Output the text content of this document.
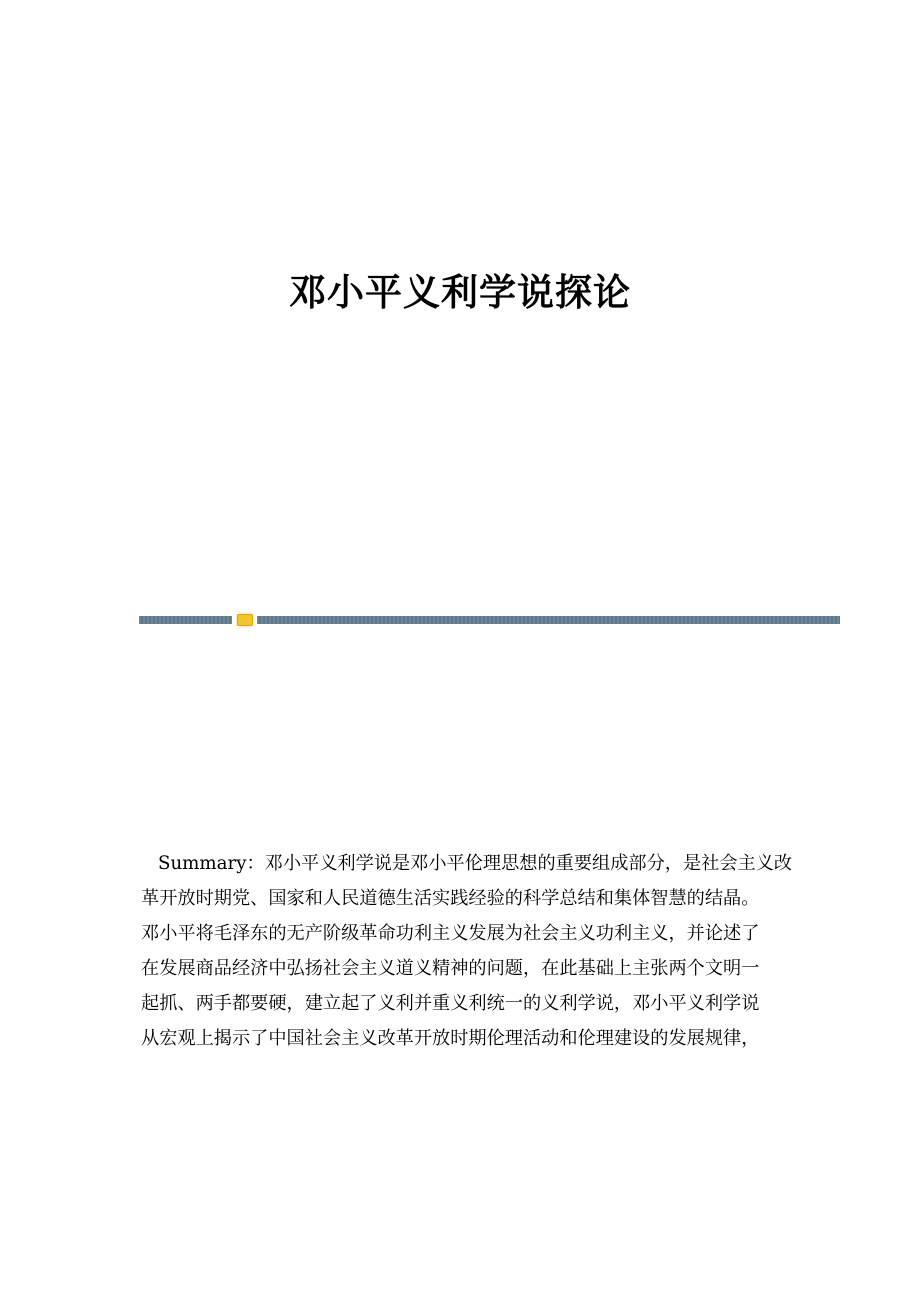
邓小平义利学说探论
Summary：邓小平义利学说是邓小平伦理思想的重要组成部分，是社会主义改
革开放时期党、国家和人民道德生活实践经验的科学总结和集体智慧的结晶。
邓小平将毛泽东的无产阶级革命功利主义发展为社会主义功利主义，并论述了
在发展商品经济中弘扬社会主义道义精神的问题，在此基础上主张两个文明一
起抓、两手都要硬，建立起了义利并重义利统一的义利学说，邓小平义利学说
从宏观上揭示了中国社会主义改革开放时期伦理活动和伦理建设的发展规律，
